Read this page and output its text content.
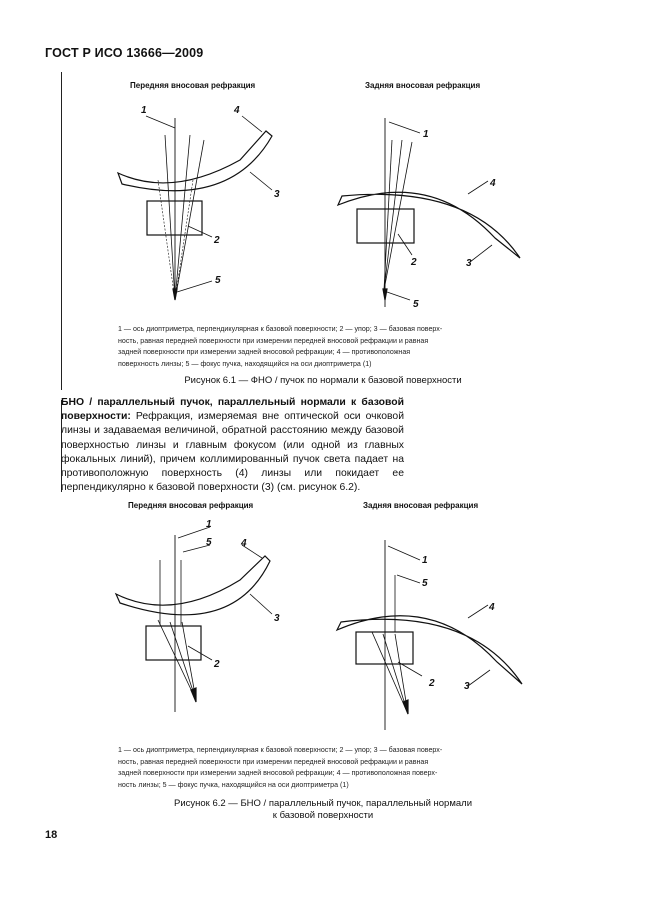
ГОСТ Р ИСО 13666—2009
Передняя вносовая рефракция	Задняя вносовая рефракция
Передняя вносовая рефракция	Задняя вносовая рефракция
1	4
3
2
5
1
4
3
2
5
1
5	4
3
2
1
5
4
3
2
1 — ось диоптриметра, перпендикулярная к базовой поверхности; 2 — упор; 3 — базовая поверх-
ность, равная передней поверхности при измерении передней вносовой рефракции и равная
задней поверхности при измерении задней вносовой рефракции; 4 — противоположная
поверхность линзы; 5 — фокус пучка, находящийся на оси диоптриметра (1)
Рисунок 6.1 — ФНО / пучок по нормали к базовой поверхности
БНО / параллельный пучок, параллельный нормали к базовой поверхности: Рефракция, измеряемая вне оптической оси очковой линзы и задаваемая величиной, обратной расстоянию между базовой поверхностью линзы и главным фокусом (или одной из главных фокальных линий), причем коллимированный пучок света падает на противоположную поверхность (4) линзы или покидает ее перпендикулярно к базовой поверхности (3) (см. рисунок 6.2).
1 — ось диоптриметра, перпендикулярная к базовой поверхности; 2 — упор; 3 — базовая поверх-
ность, равная передней поверхности при измерении передней вносовой рефракции и равная
задней поверхности при измерении задней вносовой рефракции; 4 — противоположная поверх-
ность линзы; 5 — фокус пучка, находящийся на оси диоптриметра (1)
Рисунок 6.2 — БНО / параллельный пучок, параллельный нормали
к базовой поверхности
18
